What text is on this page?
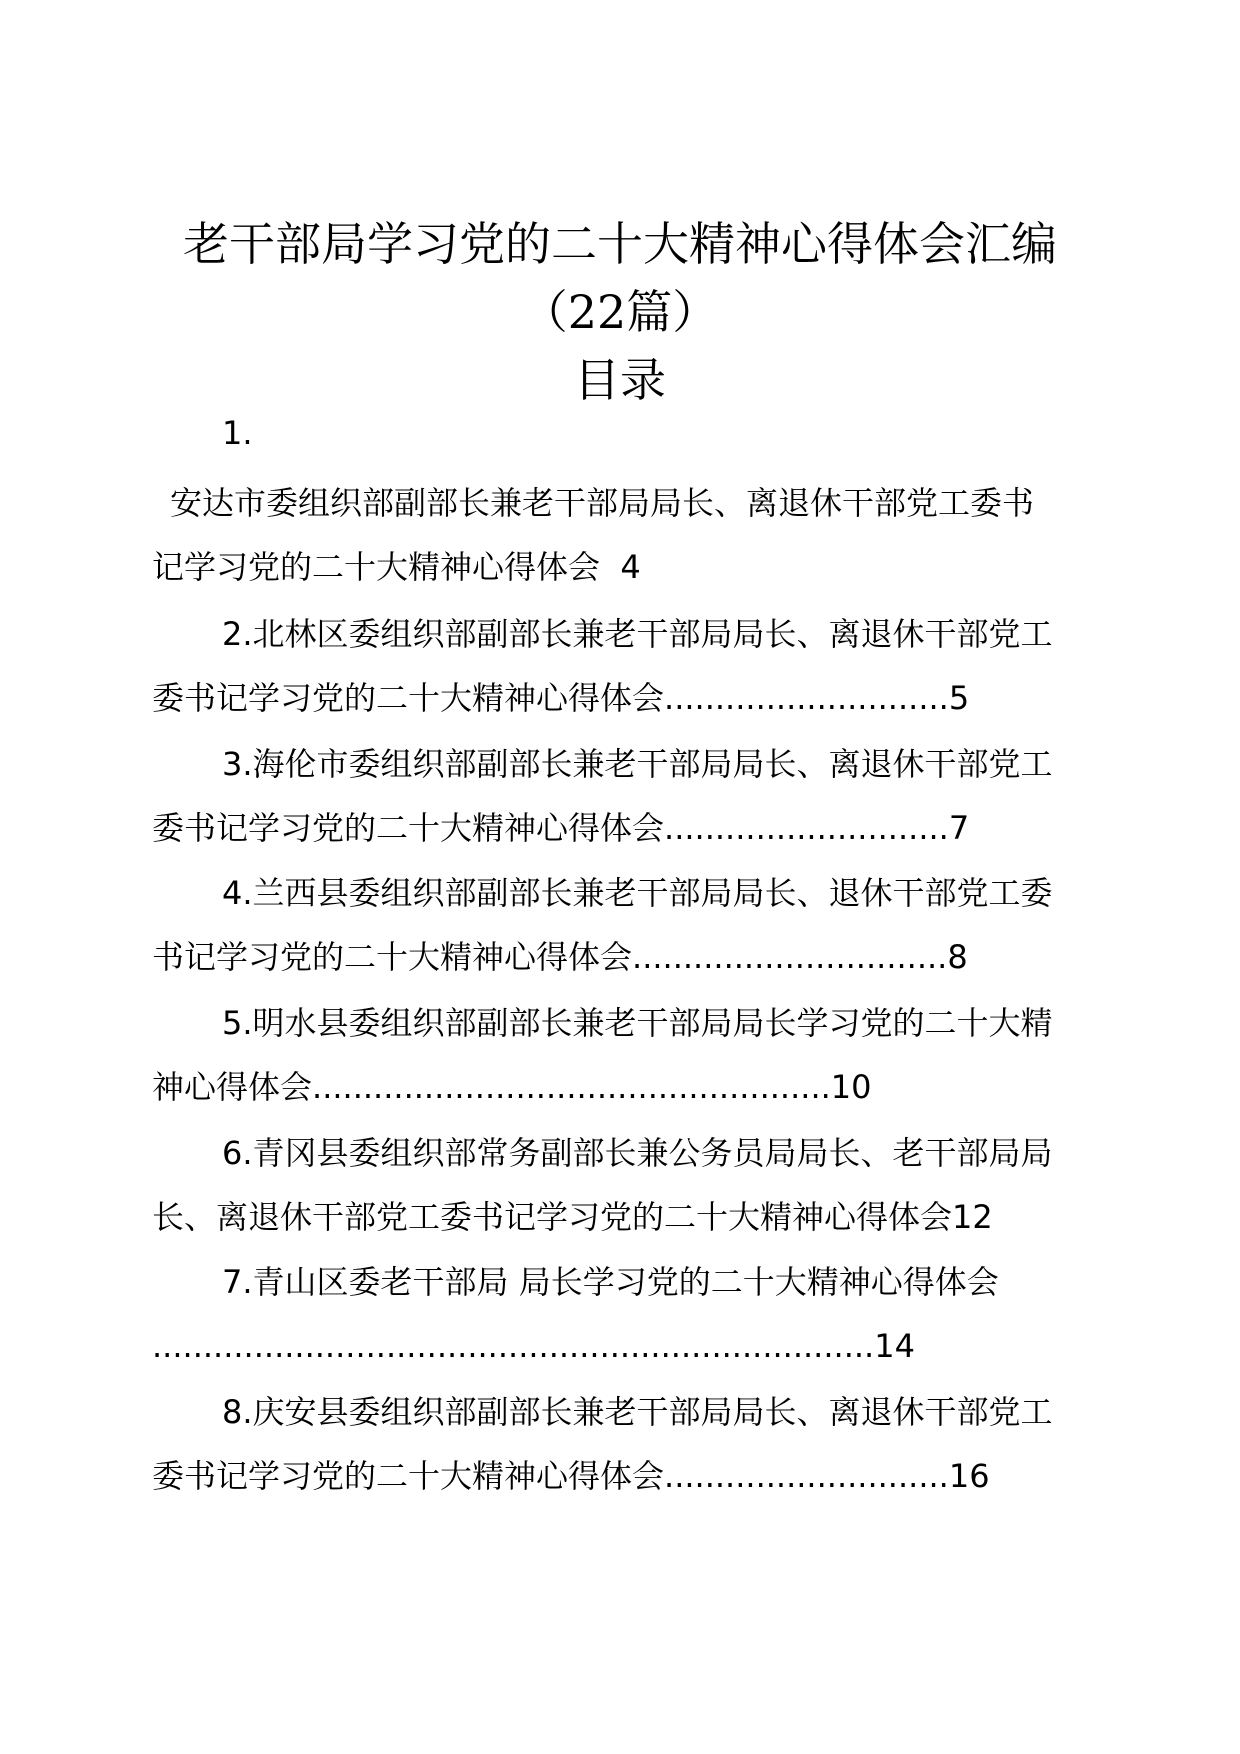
老干部局学习党的二十大精神心得体会汇编
（22篇）
目录
1.
安达市委组织部副部长兼老干部局局长、离退休干部党工委书
记学习党的二十大精神心得体会 4
2.北林区委组织部副部长兼老干部局局长、离退休干部党工
委书记学习党的二十大精神心得体会............................5
3.海伦市委组织部副部长兼老干部局局长、离退休干部党工
委书记学习党的二十大精神心得体会............................7
4.兰西县委组织部副部长兼老干部局局长、退休干部党工委
书记学习党的二十大精神心得体会...............................8
5.明水县委组织部副部长兼老干部局局长学习党的二十大精
神心得体会...................................................10
6.青冈县委组织部常务副部长兼公务员局局长、老干部局局
长、离退休干部党工委书记学习党的二十大精神心得体会12
7.青山区委老干部局 局长学习党的二十大精神心得体会
.......................................................................14
8.庆安县委组织部副部长兼老干部局局长、离退休干部党工
委书记学习党的二十大精神心得体会............................16
